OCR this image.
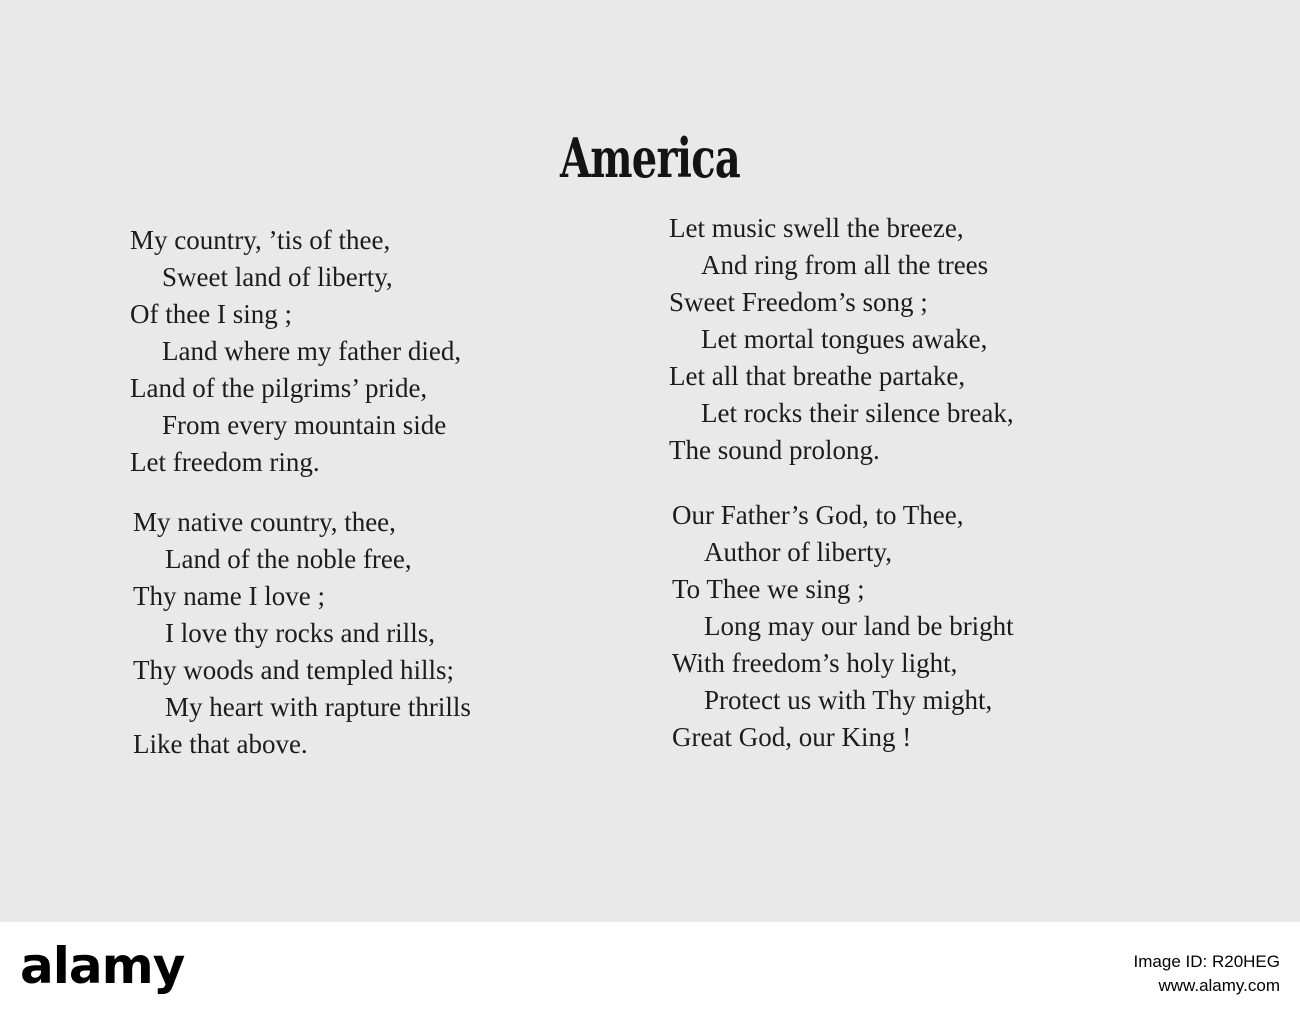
America
My country, ’tis of thee,
Sweet land of liberty,
Of thee I sing ;
Land where my father died,
Land of the pilgrims’ pride,
From every mountain side
Let freedom ring.
My native country, thee,
Land of the noble free,
Thy name I love ;
I love thy rocks and rills,
Thy woods and templed hills;
My heart with rapture thrills
Like that above.
Let music swell the breeze,
And ring from all the trees
Sweet Freedom’s song ;
Let mortal tongues awake,
Let all that breathe partake,
Let rocks their silence break,
The sound prolong.
Our Father’s God, to Thee,
Author of liberty,
To Thee we sing ;
Long may our land be bright
With freedom’s holy light,
Protect us with Thy might,
Great God, our King !
alamy	Image ID: R20HEG
www.alamy.com
